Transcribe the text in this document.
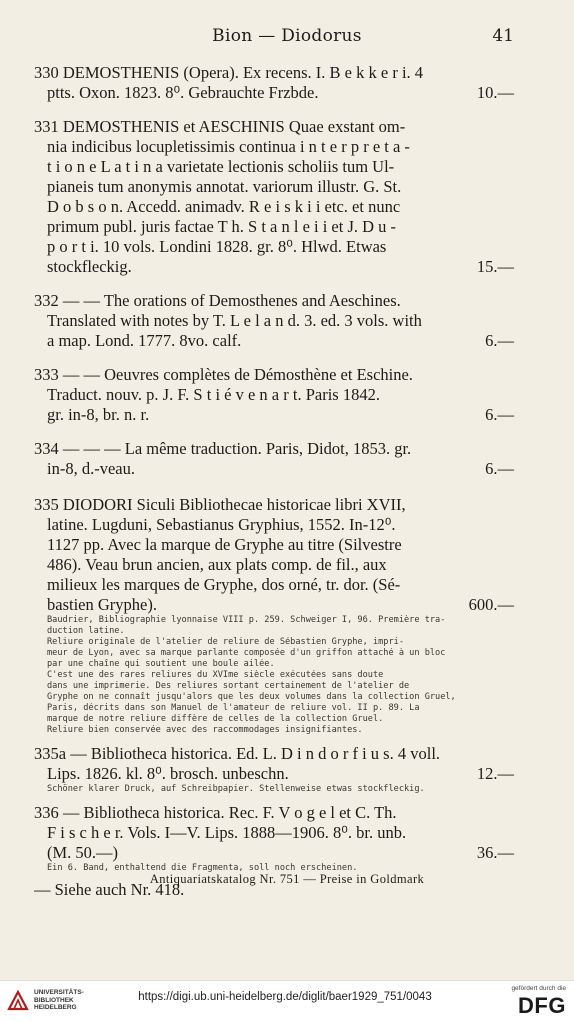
Bion — Diodorus	41
330 DEMOSTHENIS (Opera). Ex recens. I. B e k k e r i. 4
ptts. Oxon. 1823. 8⁰. Gebrauchte Frzbde.	10.—
331 DEMOSTHENIS et AESCHINIS Quae exstant om-
nia indicibus locupletissimis continua i n t e r p r e t a -
t i o n e L a t i n a varietate lectionis scholiis tum Ul-
pianeis tum anonymis annotat. variorum illustr. G. St.
D o b s o n. Accedd. animadv. R e i s k i i etc. et nunc
primum publ. juris factae T h. S t a n l e i i et J. D u -
p o r t i. 10 vols. Londini 1828. gr. 8⁰. Hlwd. Etwas
stockfleckig.	15.—
332 — — The orations of Demosthenes and Aeschines.
Translated with notes by T. L e l a n d. 3. ed. 3 vols. with
a map. Lond. 1777. 8vo. calf.	6.—
333 — — Oeuvres complètes de Démosthène et Eschine.
Traduct. nouv. p. J. F. S t i é v e n a r t. Paris 1842.
gr. in-8, br. n. r.	6.—
334 — — — La même traduction. Paris, Didot, 1853. gr.
in-8, d.-veau.	6.—
335 DIODORI Siculi Bibliothecae historicae libri XVII,
latine. Lugduni, Sebastianus Gryphius, 1552. In-12⁰.
1127 pp. Avec la marque de Gryphe au titre (Silvestre
486). Veau brun ancien, aux plats comp. de fil., aux
milieux les marques de Gryphe, dos orné, tr. dor. (Sé-
bastien Gryphe).	600.—
Baudrier, Bibliographie lyonnaise VIII p. 259. Schweiger I, 96. Première tra-
duction latine.
Reliure originale de l'atelier de reliure de Sébastien Gryphe, impri-
meur de Lyon, avec sa marque parlante composée d'un griffon attaché à un bloc
par une chaîne qui soutient une boule ailée.
C'est une des rares reliures du XVIme siècle exécutées sans doute
dans une imprimerie. Des reliures sortant certainement de l'atelier de
Gryphe on ne connaît jusqu'alors que les deux volumes dans la collection Gruel,
Paris, décrits dans son Manuel de l'amateur de reliure vol. II p. 89. La
marque de notre reliure diffère de celles de la collection Gruel.
Reliure bien conservée avec des raccommodages insignifiantes.
335a — Bibliotheca historica. Ed. L. D i n d o r f i u s. 4 voll.
Lips. 1826. kl. 8⁰. brosch. unbeschn.	12.—
Schöner klarer Druck, auf Schreibpapier. Stellenweise etwas stockfleckig.
336 — Bibliotheca historica. Rec. F. V o g e l et C. Th.
F i s c h e r. Vols. I—V. Lips. 1888—1906. 8⁰. br. unb.
(M. 50.—)	36.—
Ein 6. Band, enthaltend die Fragmenta, soll noch erscheinen.
— Siehe auch Nr. 418.
Antiquariatskatalog Nr. 751 — Preise in Goldmark
UNIVERSITÄTS-
BIBLIOTHEK
HEIDELBERG
https://digi.ub.uni-heidelberg.de/diglit/baer1929_751/0043
gefördert durch die
DFG
